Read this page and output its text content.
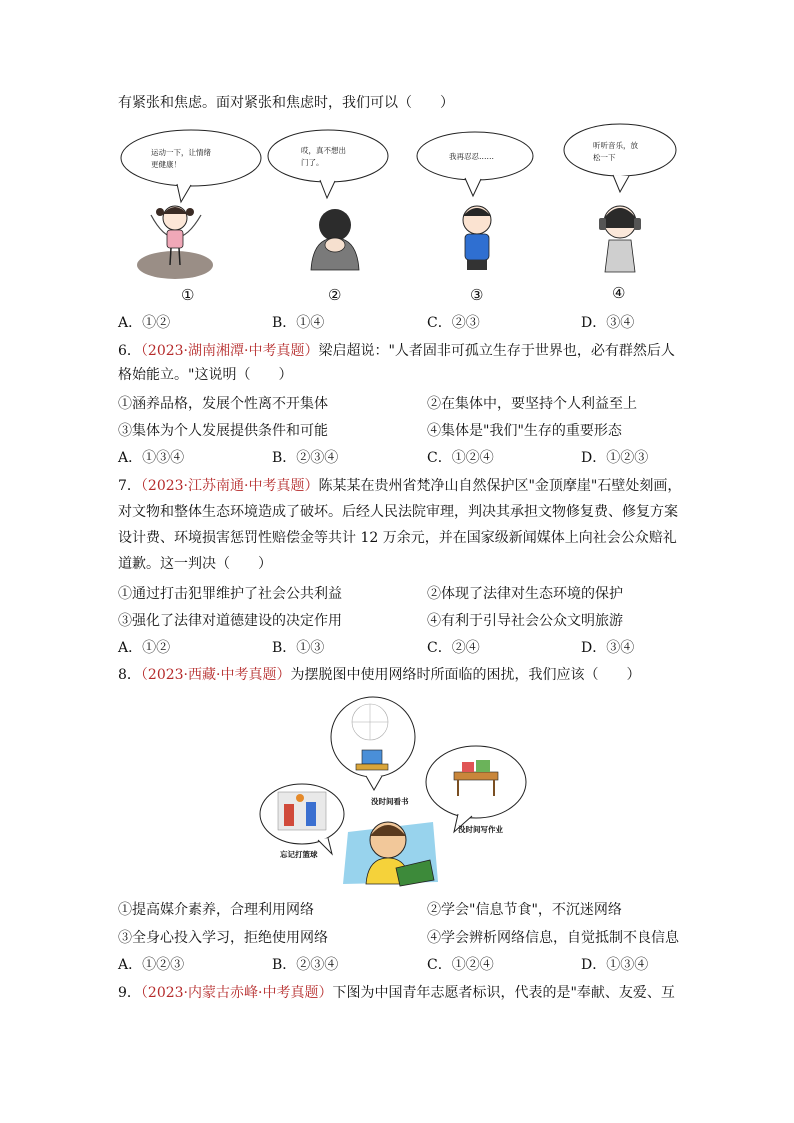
有紧张和焦虑。面对紧张和焦虑时，我们可以（　　）
运动一下，让情绪
更健康！
①
哎，真不想出
门了。
②
我再忍忍……
③
听听音乐，放
松一下
④
A．①②	B．①④	C．②③	D．③④
6．（2023·湖南湘潭·中考真题）梁启超说："人者固非可孤立生存于世界也，必有群然后人
格始能立。"这说明（　　）
①涵养品格，发展个性离不开集体	②在集体中，要坚持个人利益至上
③集体为个人发展提供条件和可能	④集体是"我们"生存的重要形态
A．①③④	B．②③④	C．①②④	D．①②③
7．（2023·江苏南通·中考真题）陈某某在贵州省梵净山自然保护区"金顶摩崖"石壁处刻画，
对文物和整体生态环境造成了破坏。后经人民法院审理，判决其承担文物修复费、修复方案
设计费、环境损害惩罚性赔偿金等共计 12 万余元，并在国家级新闻媒体上向社会公众赔礼
道歉。这一判决（　　）
①通过打击犯罪维护了社会公共利益	②体现了法律对生态环境的保护
③强化了法律对道德建设的决定作用	④有利于引导社会公众文明旅游
A．①②	B．①③	C．②④	D．③④
8．（2023·西藏·中考真题）为摆脱图中使用网络时所面临的困扰，我们应该（　　）
没时间看书
没时间写作业
忘记打篮球
①提高媒介素养，合理利用网络	②学会"信息节食"，不沉迷网络
③全身心投入学习，拒绝使用网络	④学会辨析网络信息，自觉抵制不良信息
A．①②③	B．②③④	C．①②④	D．①③④
9．（2023·内蒙古赤峰·中考真题）下图为中国青年志愿者标识，代表的是"奉献、友爱、互
